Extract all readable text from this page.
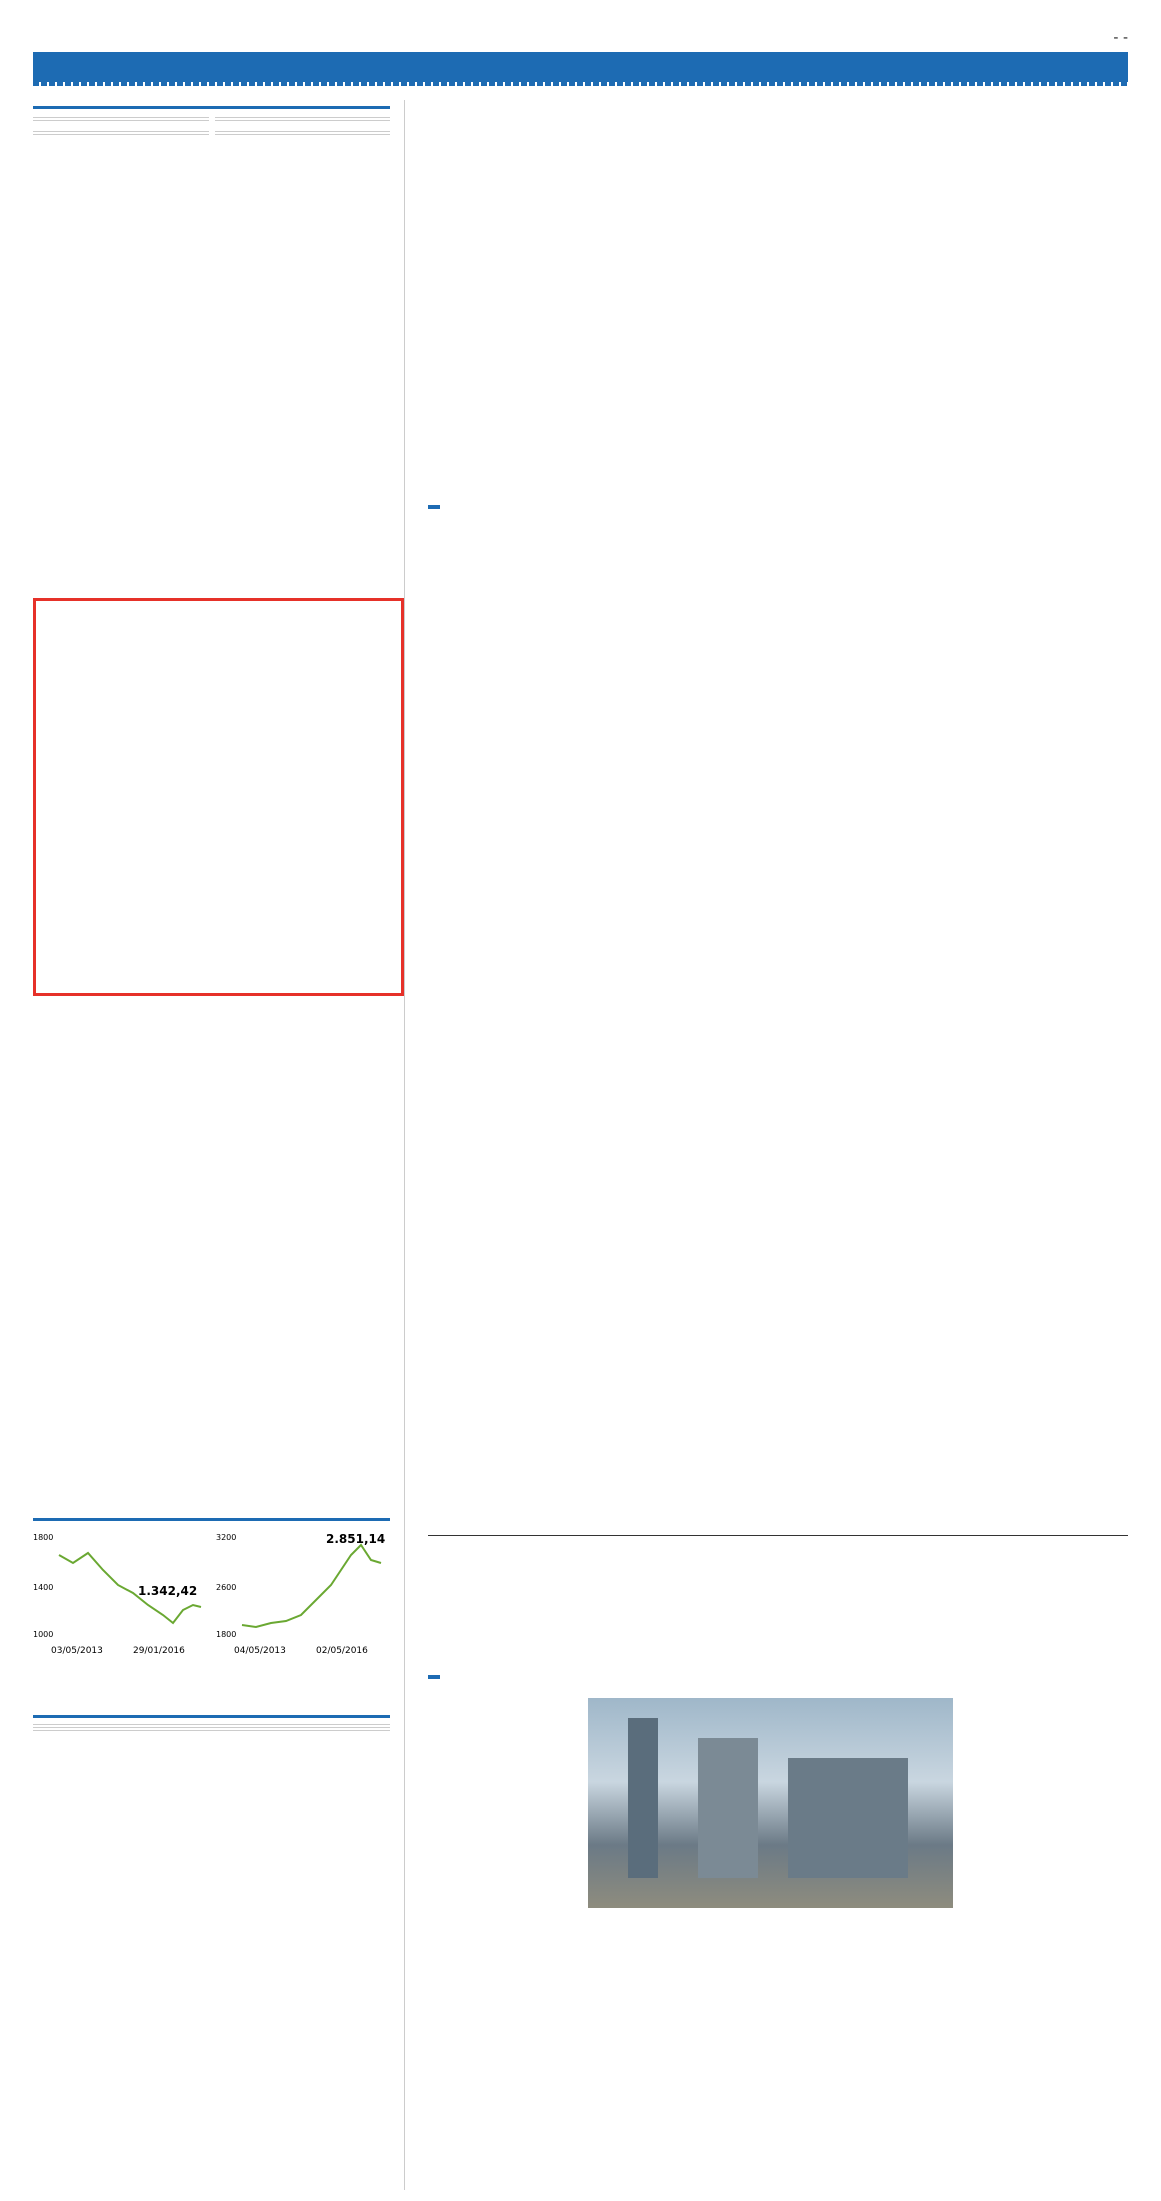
- -

1800
1400
1000
1.342,42
03/05/2013	29/01/2016
3200
2600
1800
2.851,14
04/05/2013	02/05/2016
